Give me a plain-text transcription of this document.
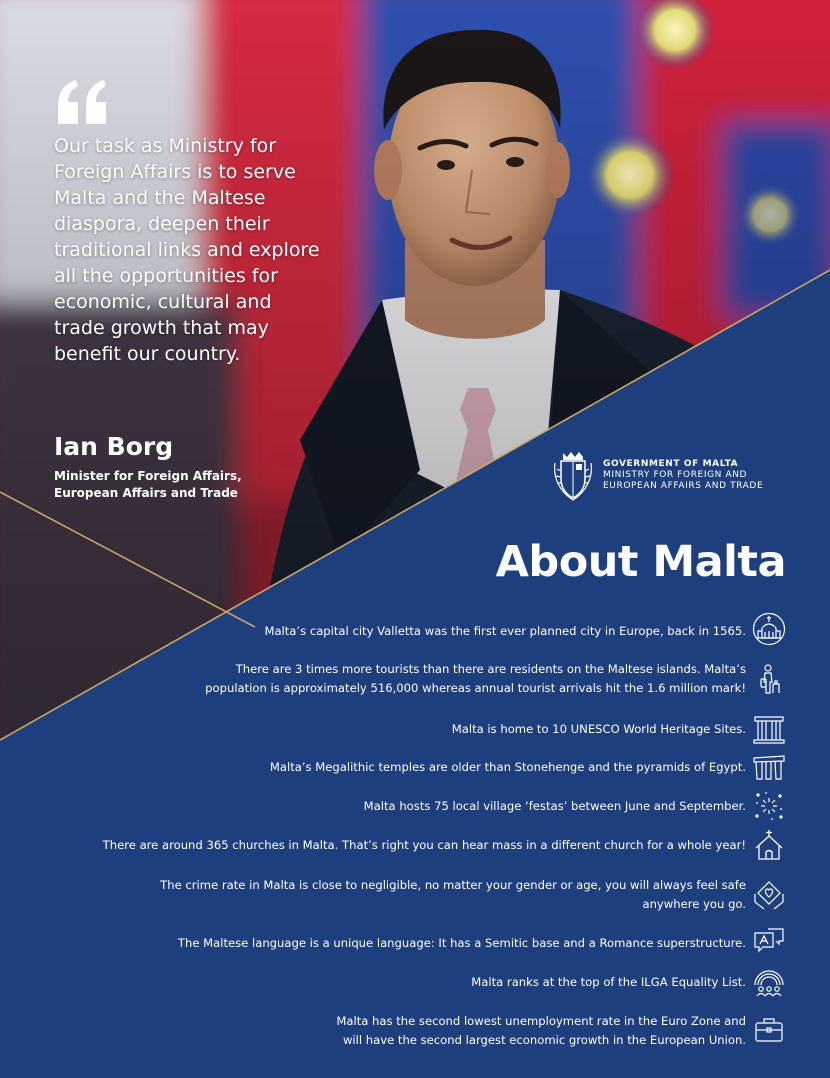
Our task as Ministry for Foreign Affairs is to serve Malta and the Maltese diaspora, deepen their traditional links and explore all the opportunities for economic, cultural and trade growth that may benefit our country.

Ian Borg

Minister for Foreign Affairs,
European Affairs and Trade
GOVERNMENT OF MALTA
MINISTRY FOR FOREIGN AND
EUROPEAN AFFAIRS AND TRADE
About Malta
Malta’s capital city Valletta was the first ever planned city in Europe, back in 1565.
There are 3 times more tourists than there are residents on the Maltese islands. Malta’s
population is approximately 516,000 whereas annual tourist arrivals hit the 1.6 million mark!
Malta is home to 10 UNESCO World Heritage Sites.
Malta’s Megalithic temples are older than Stonehenge and the pyramids of Egypt.
Malta hosts 75 local village ‘festas’ between June and September.
There are around 365 churches in Malta. That’s right you can hear mass in a different church for a whole year!
The crime rate in Malta is close to negligible, no matter your gender or age, you will always feel safe
anywhere you go.
The Maltese language is a unique language: It has a Semitic base and a Romance superstructure.
Malta ranks at the top of the ILGA Equality List.
Malta has the second lowest unemployment rate in the Euro Zone and
will have the second largest economic growth in the European Union.
